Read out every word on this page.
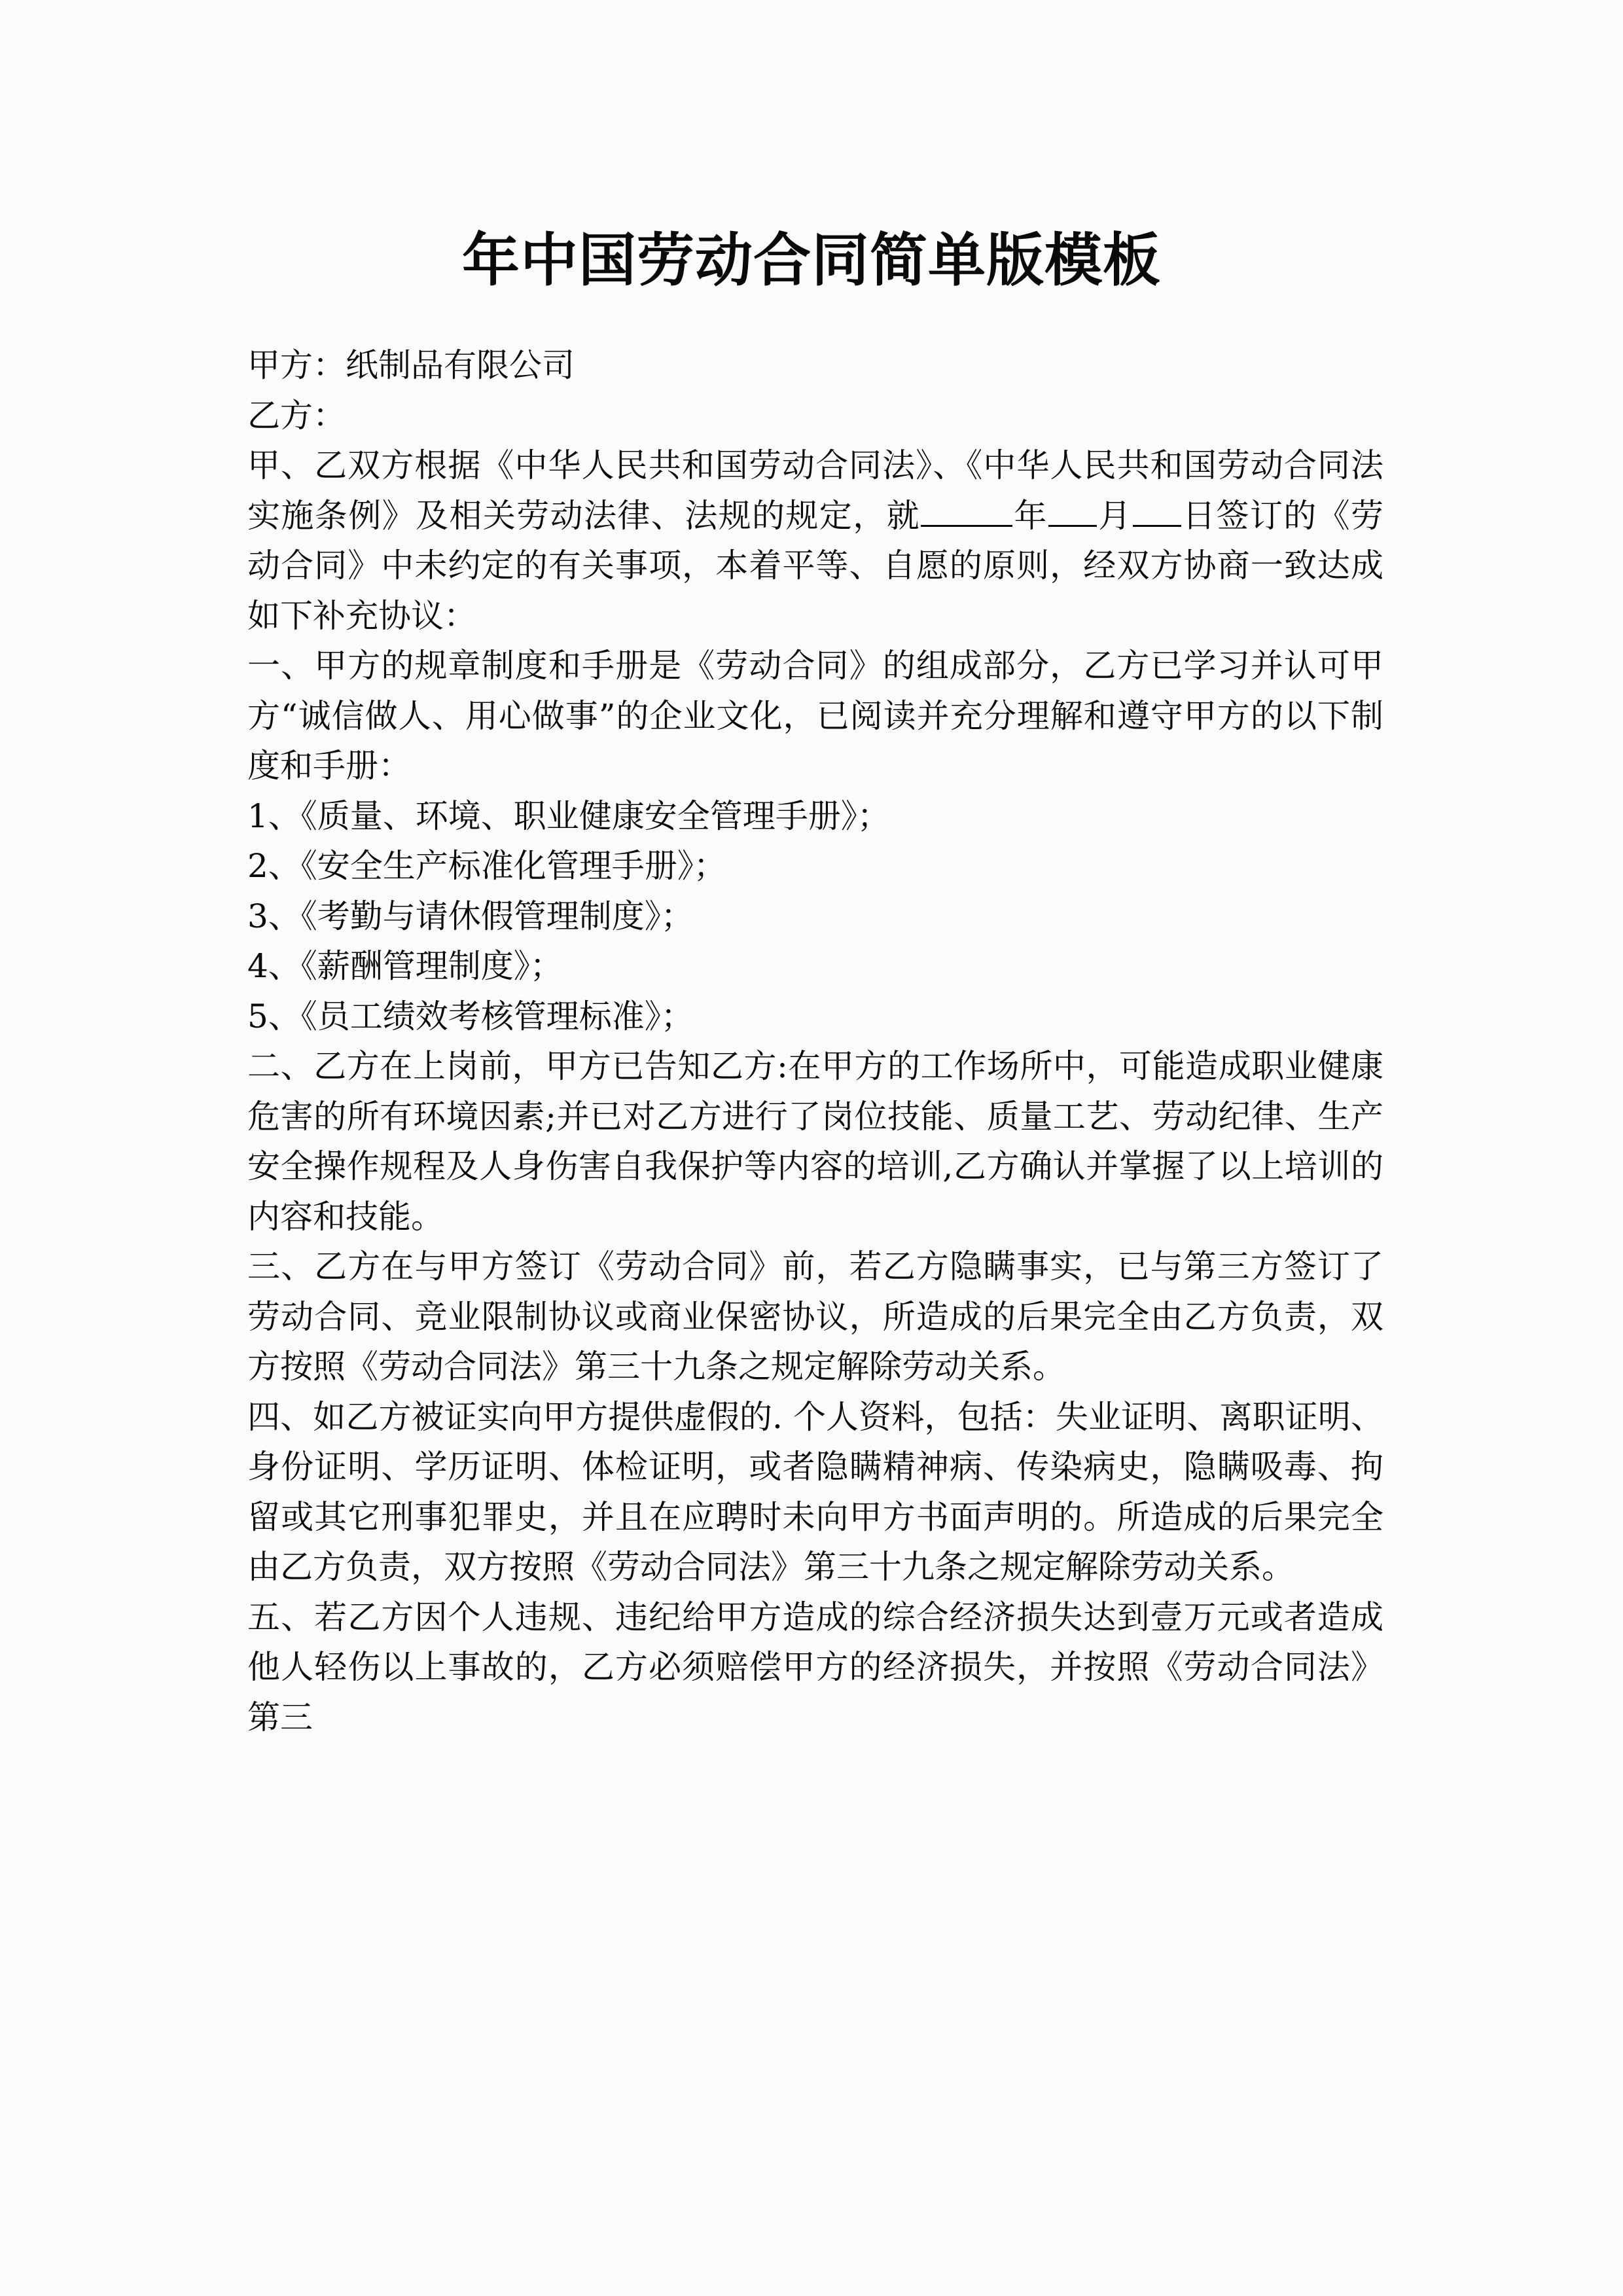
年中国劳动合同简单版模板

甲方：纸制品有限公司

乙方：

甲、乙双方根据《中华人民共和国劳动合同法》、《中华人民共和国劳动合同法实施条例》及相关劳动法律、法规的规定，就	年 月 日签订的《劳动合同》中未约定的有关事项，本着平等、自愿的原则，经双方协商一致达成如下补充协议：

一、甲方的规章制度和手册是《劳动合同》的组成部分，乙方已学习并认可甲方“诚信做人、用心做事”的企业文化，已阅读并充分理解和遵守甲方的以下制度和手册：

1、《质量、环境、职业健康安全管理手册》；

2、《安全生产标准化管理手册》；

3、《考勤与请休假管理制度》；

4、《薪酬管理制度》；

5、《员工绩效考核管理标准》；

二、乙方在上岗前，甲方已告知乙方:在甲方的工作场所中，可能造成职业健康危害的所有环境因素;并已对乙方进行了岗位技能、质量工艺、劳动纪律、生产安全操作规程及人身伤害自我保护等内容的培训,乙方确认并掌握了以上培训的内容和技能。

三、乙方在与甲方签订《劳动合同》前，若乙方隐瞒事实，已与第三方签订了劳动合同、竞业限制协议或商业保密协议，所造成的后果完全由乙方负责，双方按照《劳动合同法》第三十九条之规定解除劳动关系。

四、如乙方被证实向甲方提供虚假的. 个人资料，包括：失业证明、离职证明、身份证明、学历证明、体检证明，或者隐瞒精神病、传染病史，隐瞒吸毒、拘留或其它刑事犯罪史，并且在应聘时未向甲方书面声明的。所造成的后果完全由乙方负责，双方按照《劳动合同法》第三十九条之规定解除劳动关系。

五、若乙方因个人违规、违纪给甲方造成的综合经济损失达到壹万元或者造成他人轻伤以上事故的，乙方必须赔偿甲方的经济损失，并按照《劳动合同法》第三
